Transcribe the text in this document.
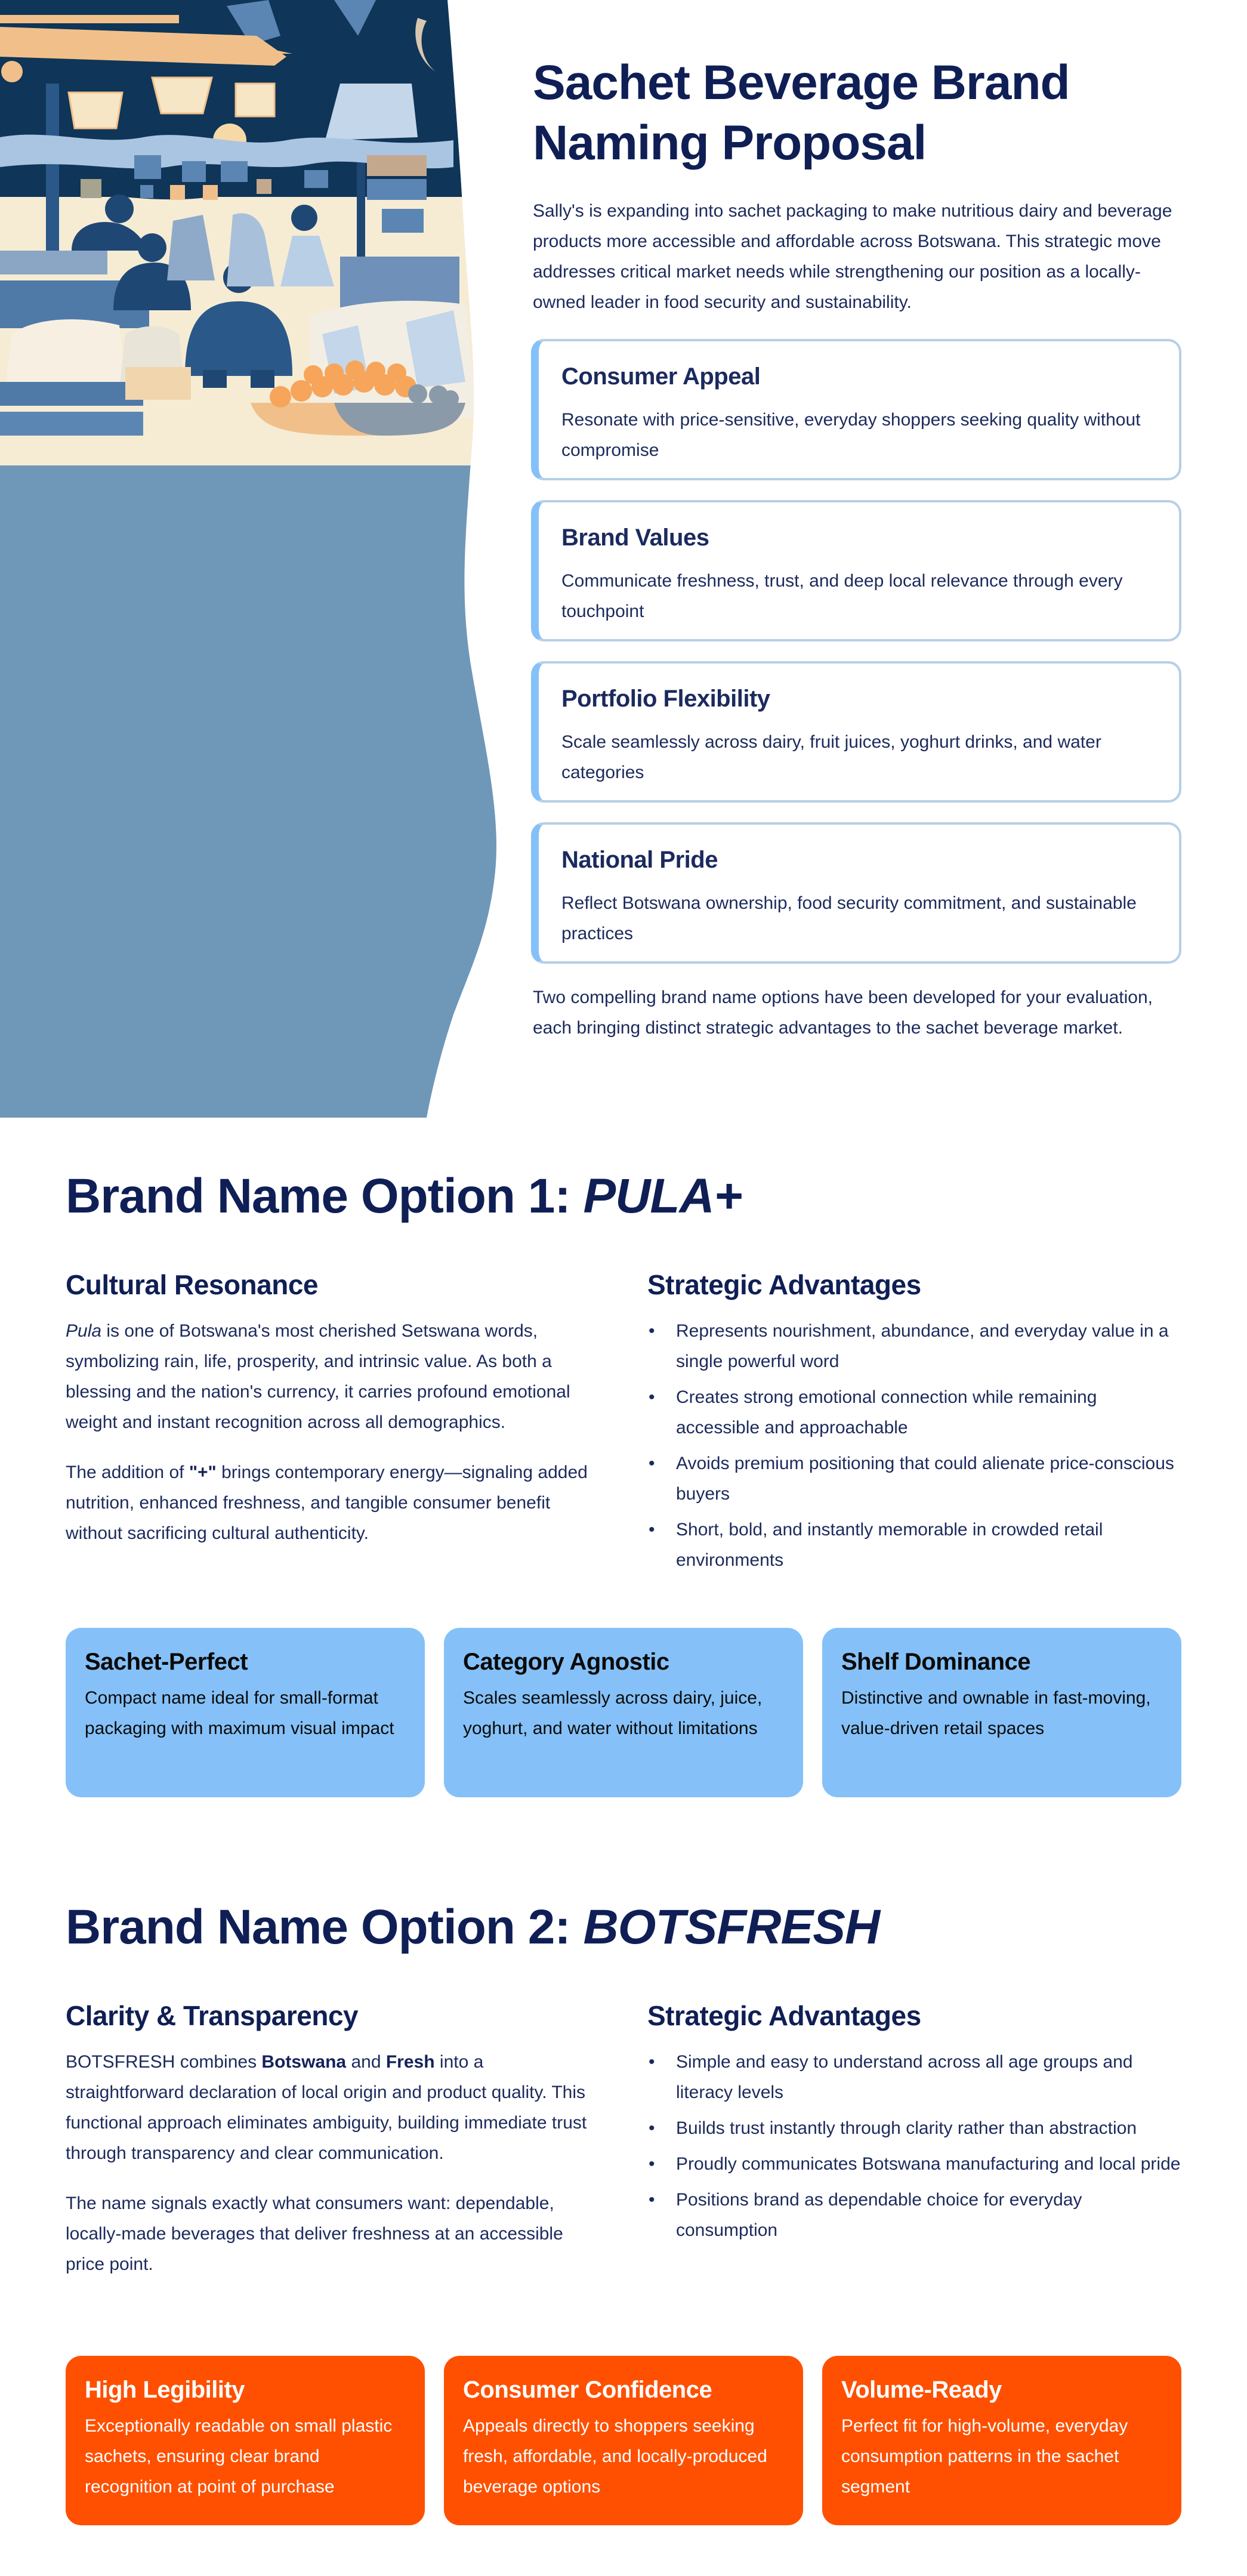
Sachet Beverage Brand Naming Proposal

Sally's is expanding into sachet packaging to make nutritious dairy and beverage products more accessible and affordable across Botswana. This strategic move addresses critical market needs while strengthening our position as a locally-owned leader in food security and sustainability.

Consumer Appeal

Resonate with price-sensitive, everyday shoppers seeking quality without compromise

Brand Values

Communicate freshness, trust, and deep local relevance through every touchpoint

Portfolio Flexibility

Scale seamlessly across dairy, fruit juices, yoghurt drinks, and water categories

National Pride

Reflect Botswana ownership, food security commitment, and sustainable practices

Two compelling brand name options have been developed for your evaluation, each bringing distinct strategic advantages to the sachet beverage market.

Brand Name Option 1: PULA+
Cultural Resonance

Pula is one of Botswana's most cherished Setswana words, symbolizing rain, life, prosperity, and intrinsic value. As both a blessing and the nation's currency, it carries profound emotional weight and instant recognition across all demographics.

The addition of "+" brings contemporary energy—signaling added nutrition, enhanced freshness, and tangible consumer benefit without sacrificing cultural authenticity.

Strategic Advantages
• Represents nourishment, abundance, and everyday value in a single powerful word
• Creates strong emotional connection while remaining accessible and approachable
• Avoids premium positioning that could alienate price-conscious buyers
• Short, bold, and instantly memorable in crowded retail environments
Sachet-Perfect

Compact name ideal for small-format packaging with maximum visual impact

Category Agnostic

Scales seamlessly across dairy, juice, yoghurt, and water without limitations

Shelf Dominance

Distinctive and ownable in fast-moving, value-driven retail spaces

Brand Name Option 2: BOTSFRESH
Clarity & Transparency

BOTSFRESH combines Botswana and Fresh into a straightforward declaration of local origin and product quality. This functional approach eliminates ambiguity, building immediate trust through transparency and clear communication.

The name signals exactly what consumers want: dependable, locally-made beverages that deliver freshness at an accessible price point.

Strategic Advantages
• Simple and easy to understand across all age groups and literacy levels
• Builds trust instantly through clarity rather than abstraction
• Proudly communicates Botswana manufacturing and local pride
• Positions brand as dependable choice for everyday consumption
High Legibility

Exceptionally readable on small plastic sachets, ensuring clear brand recognition at point of purchase

Consumer Confidence

Appeals directly to shoppers seeking fresh, affordable, and locally-produced beverage options

Volume-Ready

Perfect fit for high-volume, everyday consumption patterns in the sachet segment
